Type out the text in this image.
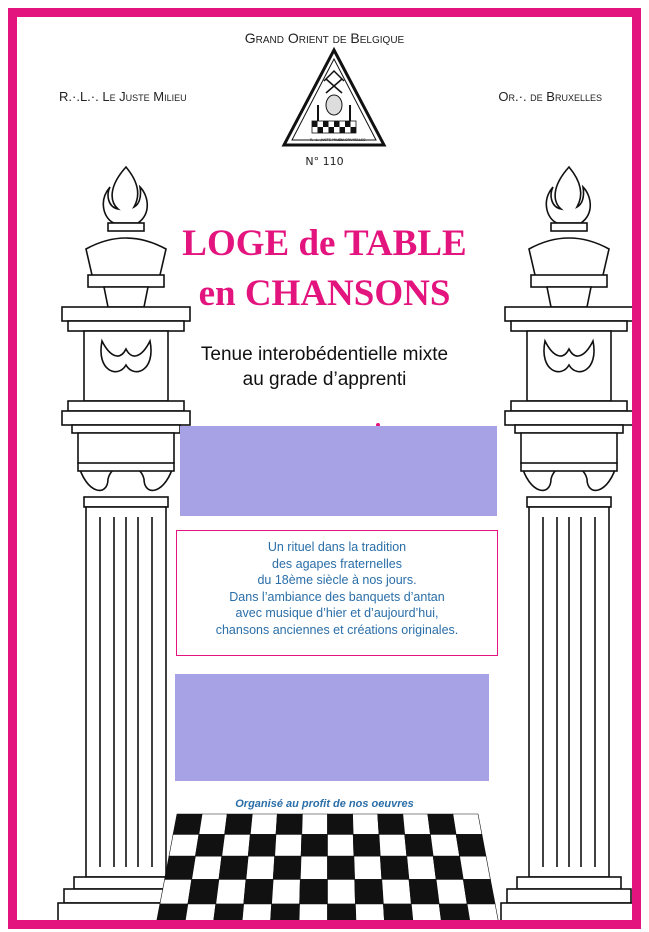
Grand Orient de Belgique
R.·.L.·. Le Juste Milieu	Or.·. de Bruxelles
R.·.L.·.JUSTE MILIEU
Or.·.BRUXELLES
N° 110
LOGE de TABLE
en CHANSONS
Tenue interobédentielle mixte
au grade d’apprenti
Un rituel dans la tradition
des agapes fraternelles
du 18ème siècle à nos jours.
Dans l’ambiance des banquets d’antan
avec musique d’hier et d’aujourd’hui,
chansons anciennes et créations originales.
Organisé au profit de nos oeuvres
